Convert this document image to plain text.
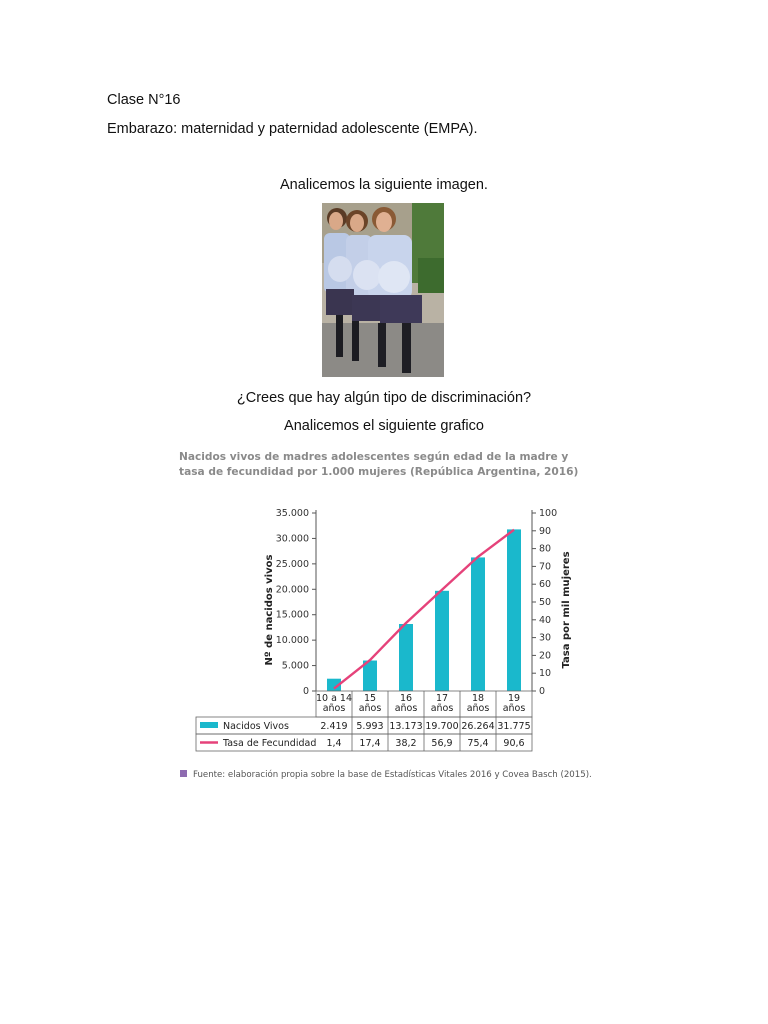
Clase N°16
Embarazo: maternidad y paternidad adolescente (EMPA).
Analicemos la siguiente imagen.
¿Crees que hay algún tipo de discriminación?
Analicemos el siguiente grafico
Nacidos vivos de madres adolescentes según edad de la madre y tasa de fecundidad por 1.000 mujeres (República Argentina, 2016)
0
5.000
10.000
15.000
20.000
25.000
30.000
35.000
0
10
20
30
40
50
60
70
80
90
100
Nº de nacidos vivos	Tasa por mil mujeres
10 a 14
años
15
años
16
años
17
años
18
años
19
años
Nacidos Vivos	2.419 5.993 13.173 19.700 26.264 31.775
Tasa de Fecundidad 1,4 17,4 38,2 56,9 75,4 90,6
Fuente: elaboración propia sobre la base de Estadísticas Vitales 2016 y Covea Basch (2015).
